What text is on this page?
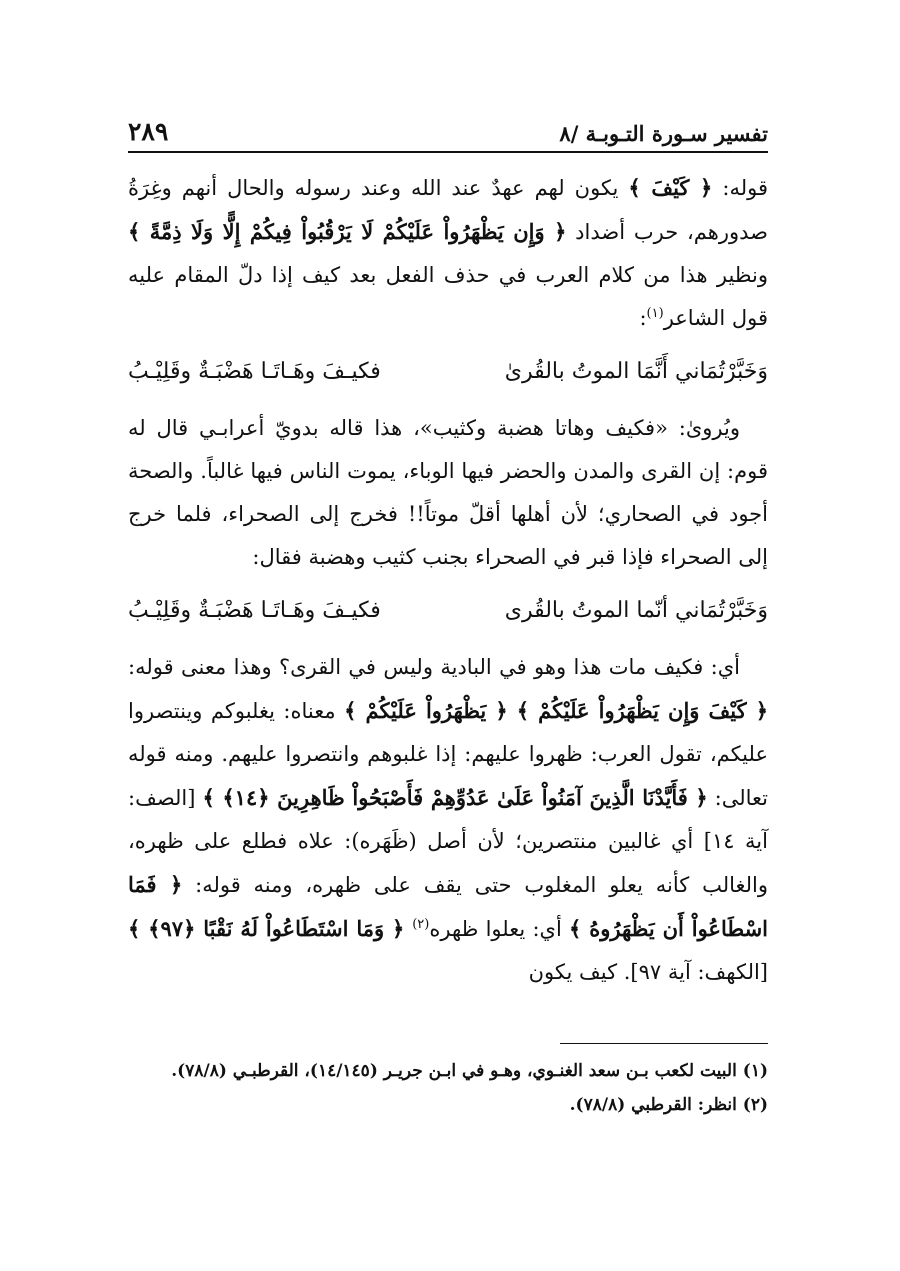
تفسير سـورة التـوبـة /٨
٢٨٩

قوله: ﴿ كَيْفَ ﴾ يكون لهم عهدٌ عند الله وعند رسوله والحال أنهم وغِرَةُ صدورهم، حرب أضداد ﴿ وَإِن يَظْهَرُواْ عَلَيْكُمْ لَا يَرْقُبُواْ فِيكُمْ إِلًّا وَلَا ذِمَّةً ﴾ ونظير هذا من كلام العرب في حذف الفعل بعد كيف إذا دلّ المقام عليه قول الشاعر$^{(١)}$:

وَخَبَّرْتُمَاني أَنَّمَا الموتُ بالقُرىٰ
فكيـفَ وهَـاتَـا هَضْبَـةٌ وقَلِيْـبُ

ويُروىٰ: «فكيف وهاتا هضبة وكثيب»، هذا قاله بدويّ أعرابـي قال له قوم: إن القرى والمدن والحضر فيها الوباء، يموت الناس فيها غالباً. والصحة أجود في الصحاري؛ لأن أهلها أقلّ موتاً!! فخرج إلى الصحراء، فلما خرج إلى الصحراء فإذا قبر في الصحراء بجنب كثيب وهضبة فقال:

وَخَبَّرْتُمَاني أنّما الموتُ بالقُرى
فكيـفَ وهَـاتَـا هَضْبَـةٌ وقَلِيْـبُ

أي: فكيف مات هذا وهو في البادية وليس في القرى؟ وهذا معنى قوله: ﴿ كَيْفَ وَإِن يَظْهَرُواْ عَلَيْكُمْ ﴾ ﴿ يَظْهَرُواْ عَلَيْكُمْ ﴾ معناه: يغلبوكم وينتصروا عليكم، تقول العرب: ظهروا عليهم: إذا غلبوهم وانتصروا عليهم. ومنه قوله تعالى: ﴿ فَأَيَّدْنَا الَّذِينَ آمَنُواْ عَلَىٰ عَدُوِّهِمْ فَأَصْبَحُواْ ظَاهِرِينَ ﴿١٤﴾ ﴾ [الصف: آية ١٤] أي غالبين منتصرين؛ لأن أصل (ظَهَره): علاه فطلع على ظهره، والغالب كأنه يعلو المغلوب حتى يقف على ظهره، ومنه قوله: ﴿ فَمَا اسْطَاعُواْ أَن يَظْهَرُوهُ ﴾ أي: يعلوا ظهره$^{(٢)}$ ﴿ وَمَا اسْتَطَاعُواْ لَهُ نَقْبًا ﴿٩٧﴾ ﴾ [الكهف: آية ٩٧]. كيف يكون

(١) البيت لكعب بـن سعد الغنـوي، وهـو في ابـن جريـر (١٤/١٤٥)، القرطبـي (٧٨/٨).

(٢) انظر: القرطبي (٧٨/٨).
